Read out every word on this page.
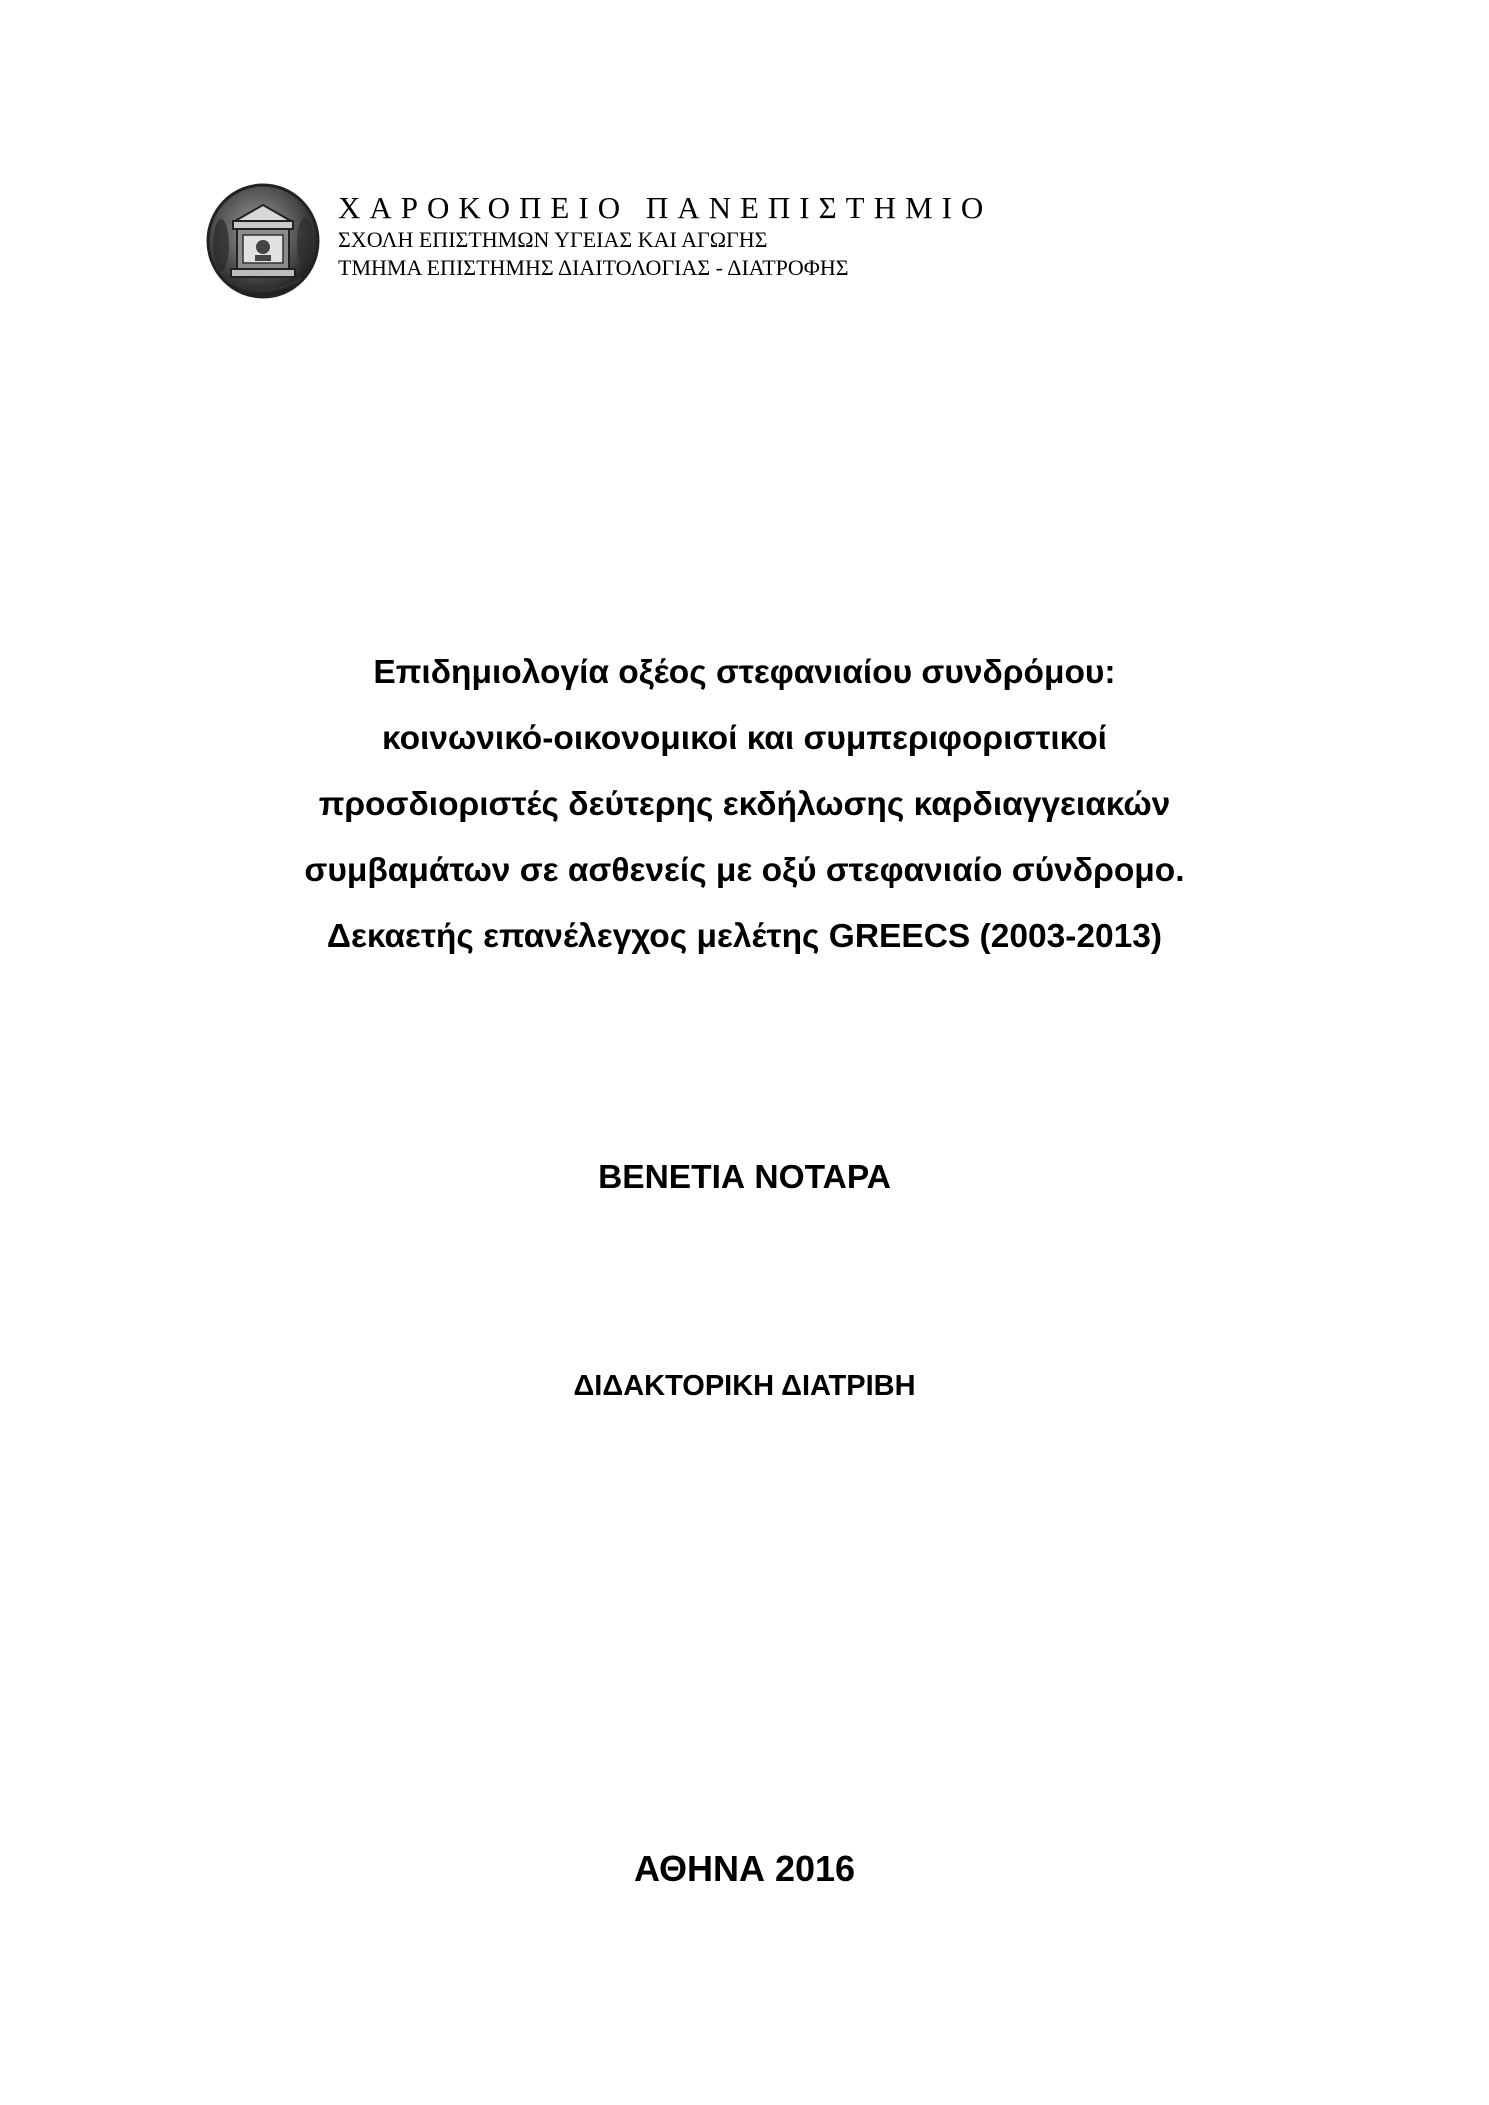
ΧΑΡΟΚΟΠΕΙΟ ΠΑΝΕΠΙΣΤΗΜΙΟ
ΣΧΟΛΗ ΕΠΙΣΤΗΜΩΝ ΥΓΕΙΑΣ ΚΑΙ ΑΓΩΓΗΣ
ΤΜΗΜΑ ΕΠΙΣΤΗΜΗΣ ΔΙΑΙΤΟΛΟΓΙΑΣ - ΔΙΑΤΡΟΦΗΣ
Επιδημιολογία οξέος στεφανιαίου συνδρόμου:
κοινωνικό-οικονομικοί και συμπεριφοριστικοί
προσδιοριστές δεύτερης εκδήλωσης καρδιαγγειακών
συμβαμάτων σε ασθενείς με οξύ στεφανιαίο σύνδρομο.
Δεκαετής επανέλεγχος μελέτης GREECS (2003-2013)
ΒΕΝΕΤΙΑ ΝΟΤΑΡΑ
ΔΙΔΑΚΤΟΡΙΚΗ ΔΙΑΤΡΙΒΗ
ΑΘΗΝΑ 2016
